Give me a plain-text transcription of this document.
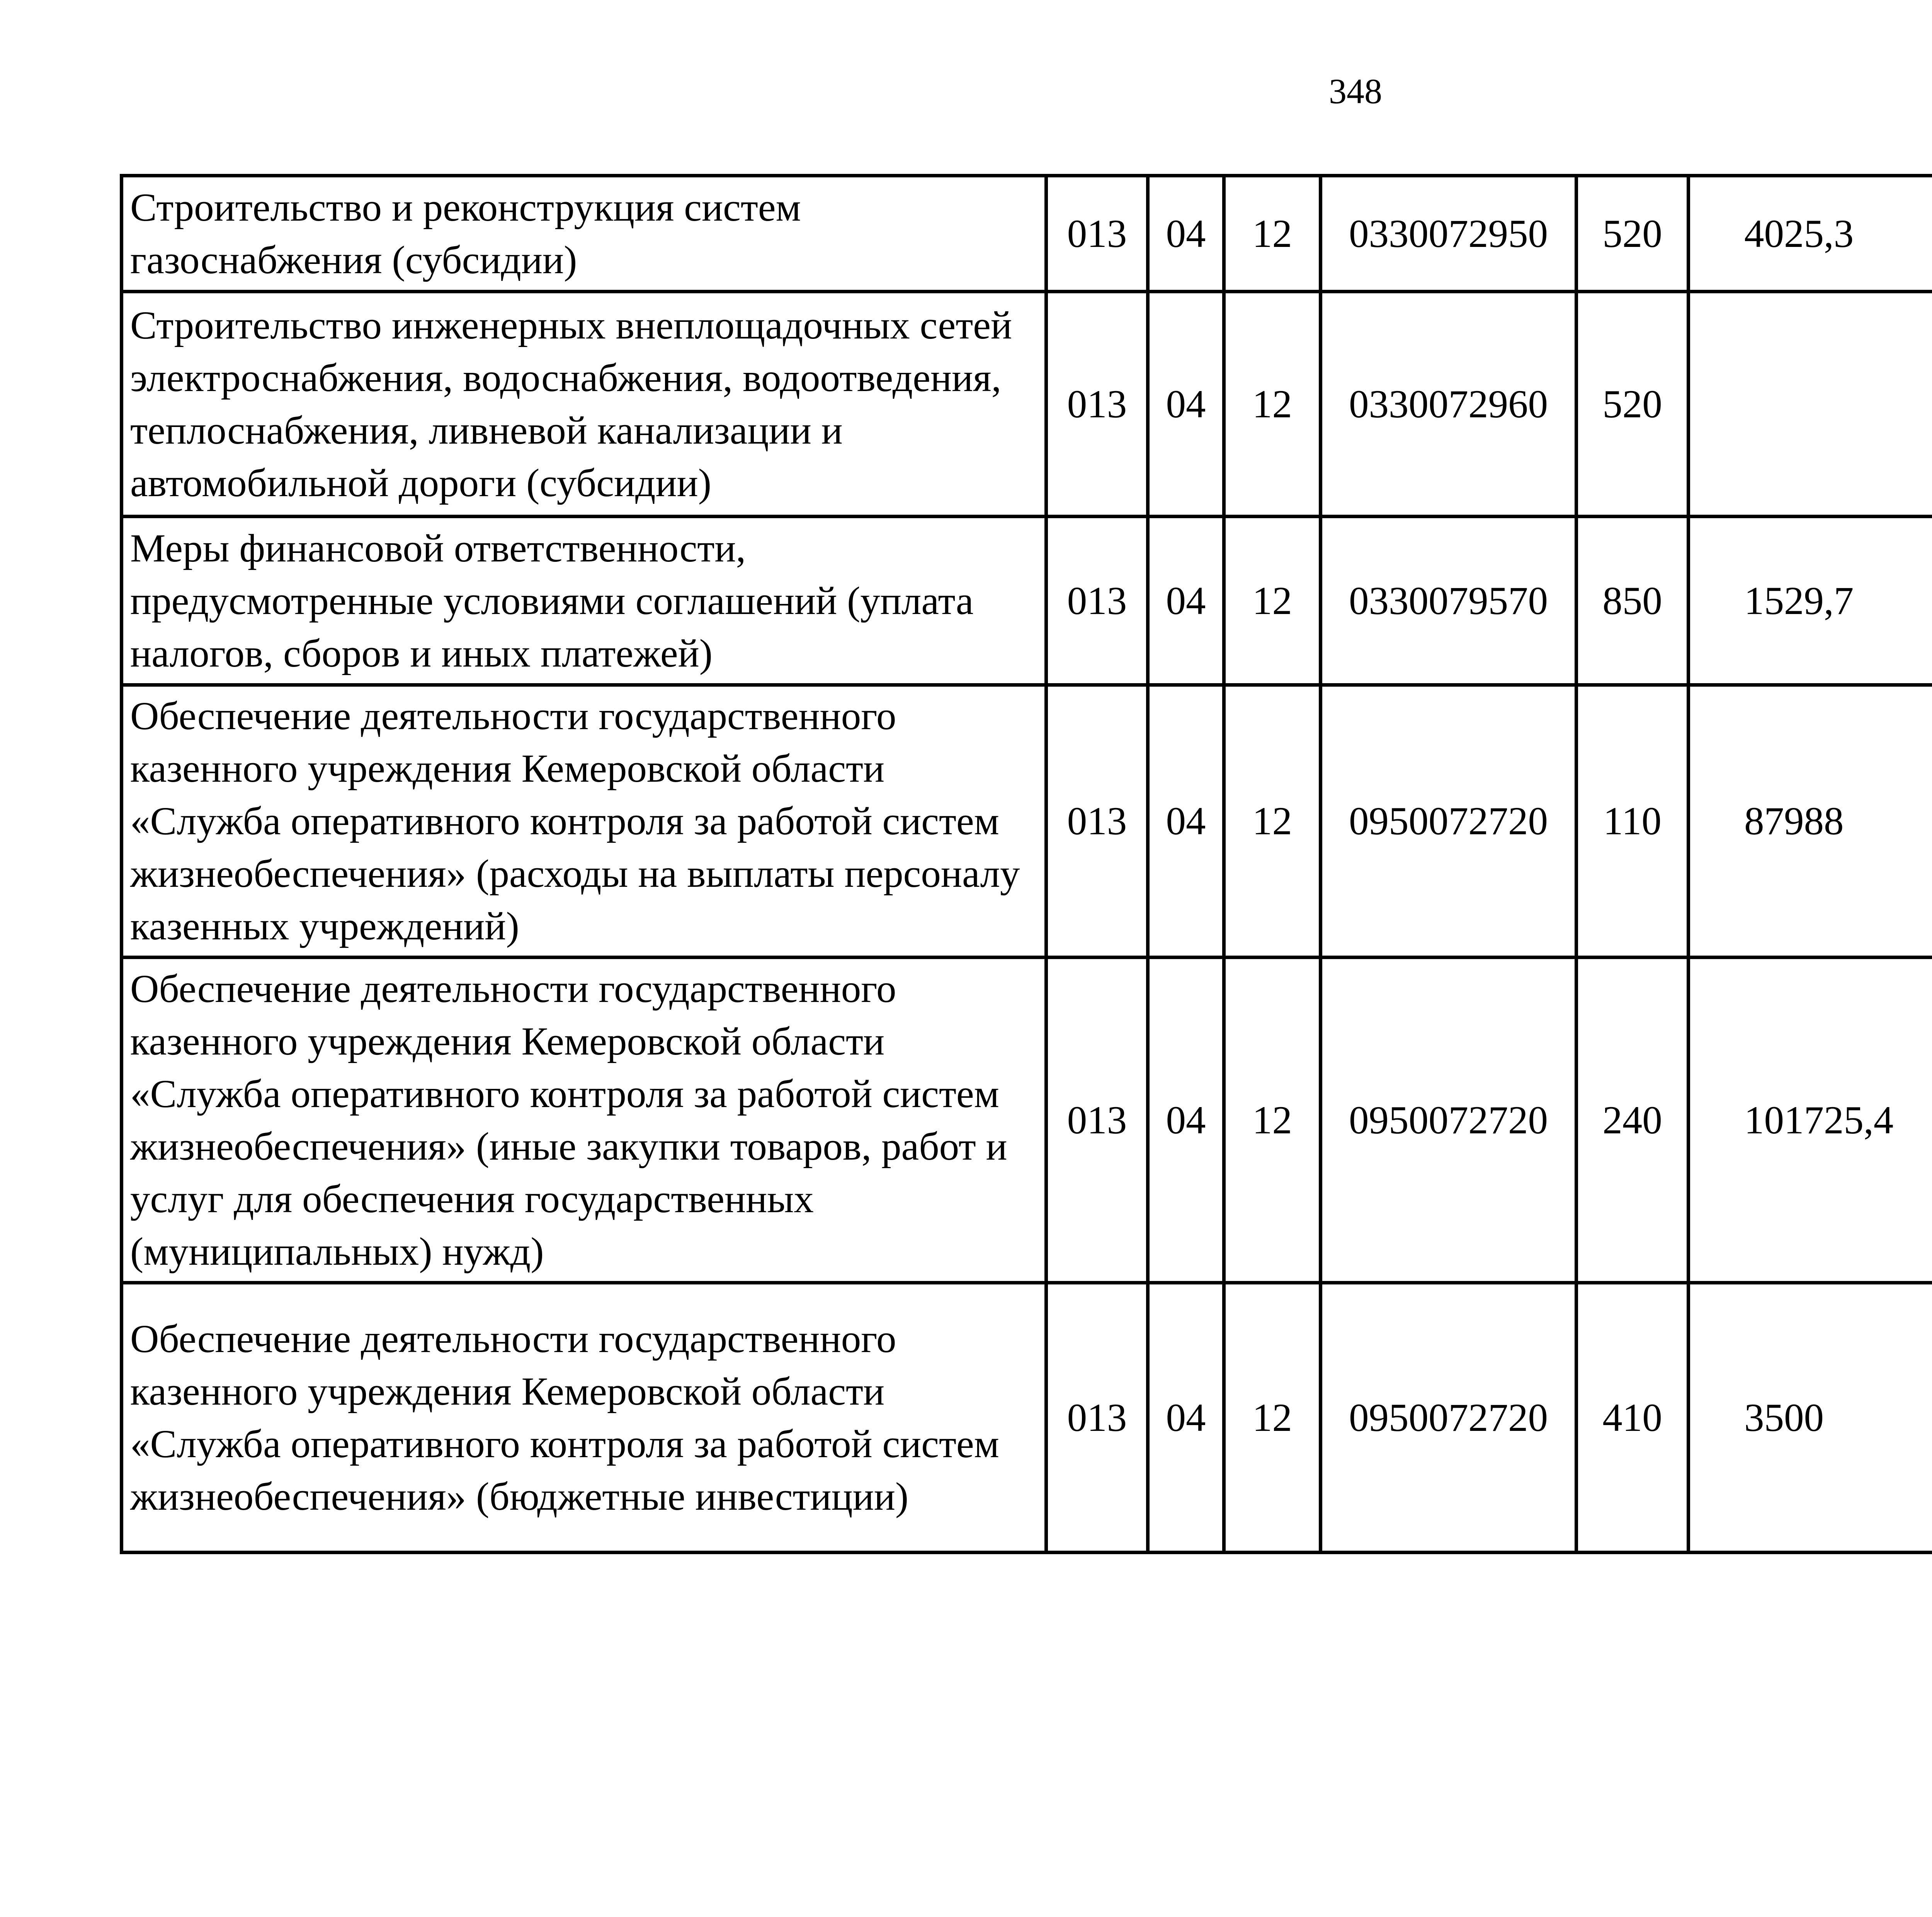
348
Строительство и реконструкция систем газоснабжения (субсидии)	013	04	12	0330072950	520	4025,3		
Строительство инженерных внеплощадочных сетей электроснабжения, водоснабжения, водоотведения, теплоснабжения, ливневой канализации и автомобильной дороги (субсидии)	013	04	12	0330072960	520			
Меры финансовой ответственности, предусмотренные условиями соглашений (уплата налогов, сборов и иных платежей)	013	04	12	0330079570	850	1529,7		
Обеспечение деятельности государственного казенного учреждения Кемеровской области «Служба оперативного контроля за работой систем жизнеобеспечения» (расходы на выплаты персоналу казенных учреждений)	013	04	12	0950072720	110	87988		
Обеспечение деятельности государственного казенного учреждения Кемеровской области «Служба оперативного контроля за работой систем жизнеобеспечения» (иные закупки товаров, работ и услуг для обеспечения государственных (муниципальных) нужд)	013	04	12	0950072720	240	101725,4		
Обеспечение деятельности государственного казенного учреждения Кемеровской области «Служба оперативного контроля за работой систем жизнеобеспечения» (бюджетные инвестиции)	013	04	12	0950072720	410	3500		
